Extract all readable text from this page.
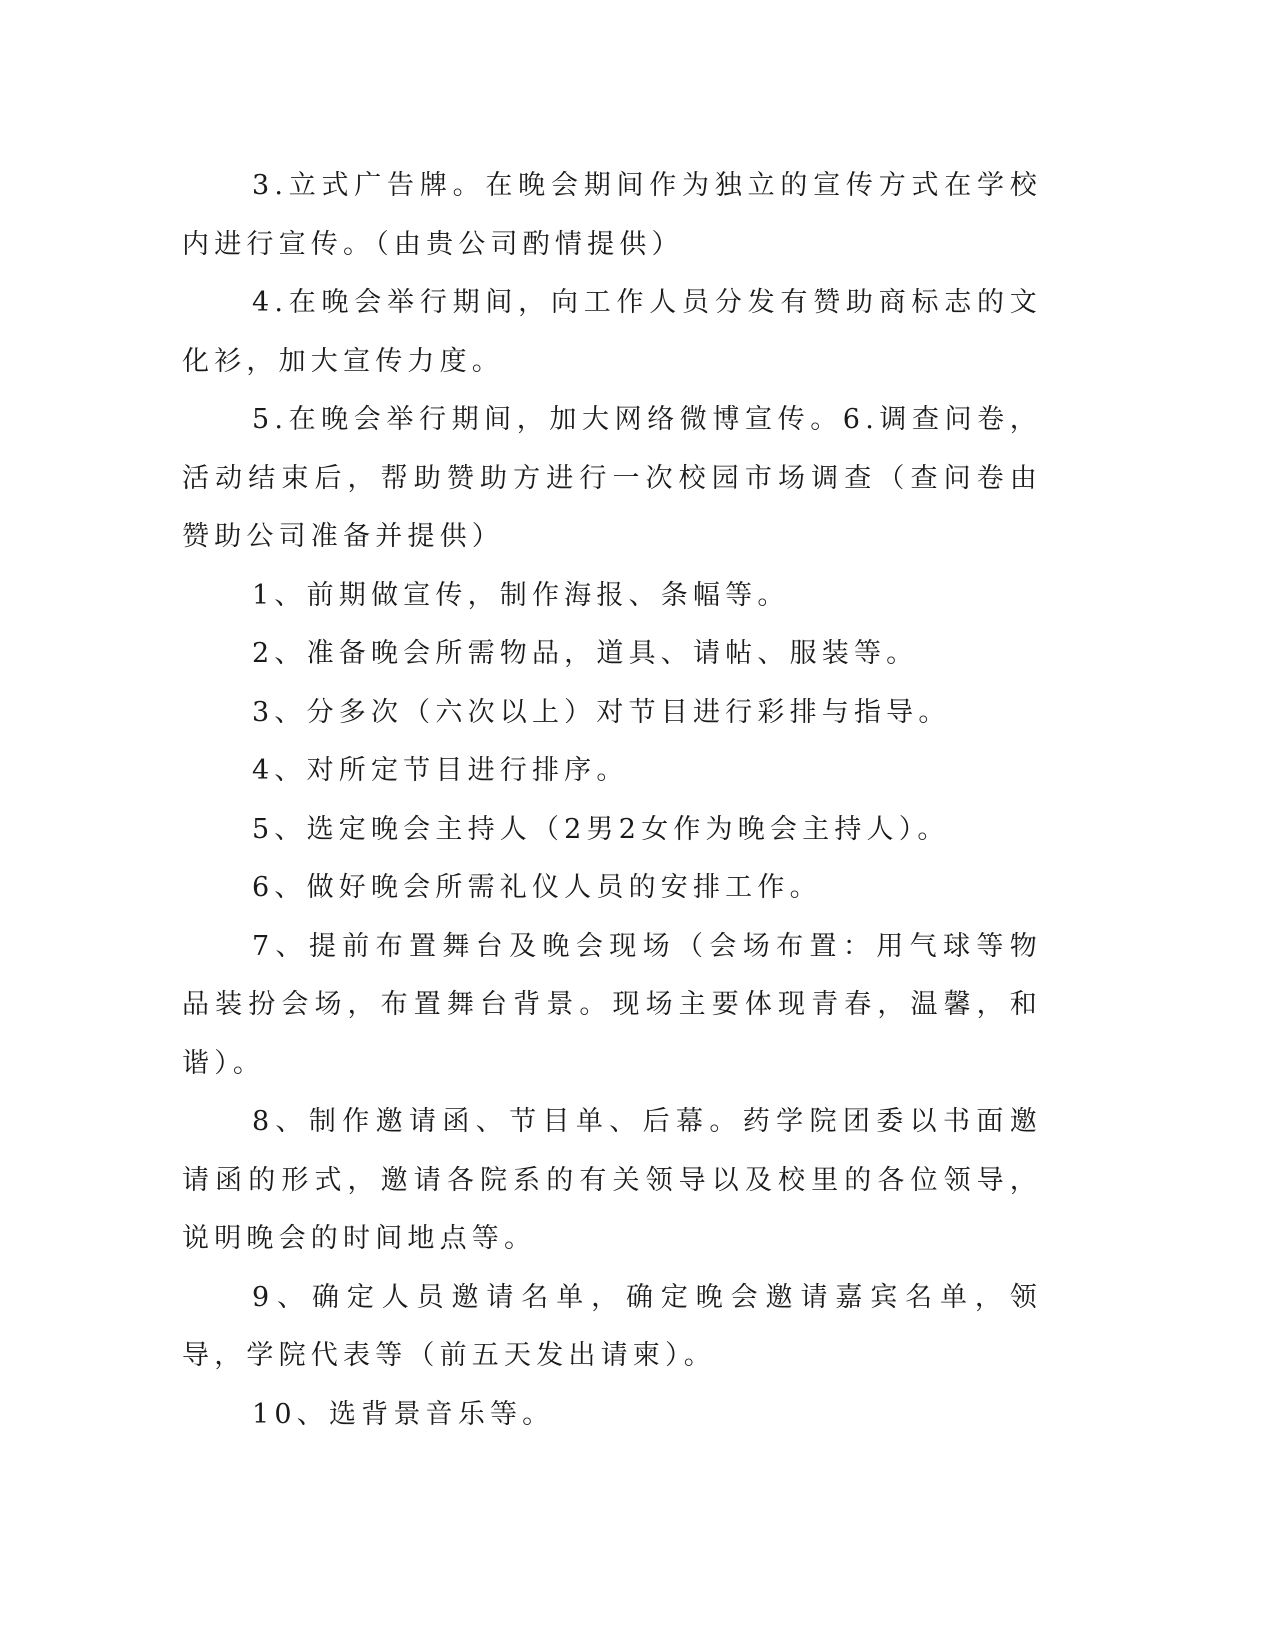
3.立式广告牌。在晚会期间作为独立的宣传方式在学校内进行宣传。（由贵公司酌情提供）

4.在晚会举行期间，向工作人员分发有赞助商标志的文化衫，加大宣传力度。

5.在晚会举行期间，加大网络微博宣传。6.调查问卷，活动结束后，帮助赞助方进行一次校园市场调查（查问卷由赞助公司准备并提供）

1、前期做宣传，制作海报、条幅等。

2、准备晚会所需物品，道具、请帖、服装等。

3、分多次（六次以上）对节目进行彩排与指导。

4、对所定节目进行排序。

5、选定晚会主持人（2男2女作为晚会主持人）。

6、做好晚会所需礼仪人员的安排工作。

7、提前布置舞台及晚会现场（会场布置：用气球等物品装扮会场，布置舞台背景。现场主要体现青春，温馨，和谐）。

8、制作邀请函、节目单、后幕。药学院团委以书面邀请函的形式，邀请各院系的有关领导以及校里的各位领导，说明晚会的时间地点等。

9、确定人员邀请名单，确定晚会邀请嘉宾名单，领导，学院代表等（前五天发出请柬）。

10、选背景音乐等。
